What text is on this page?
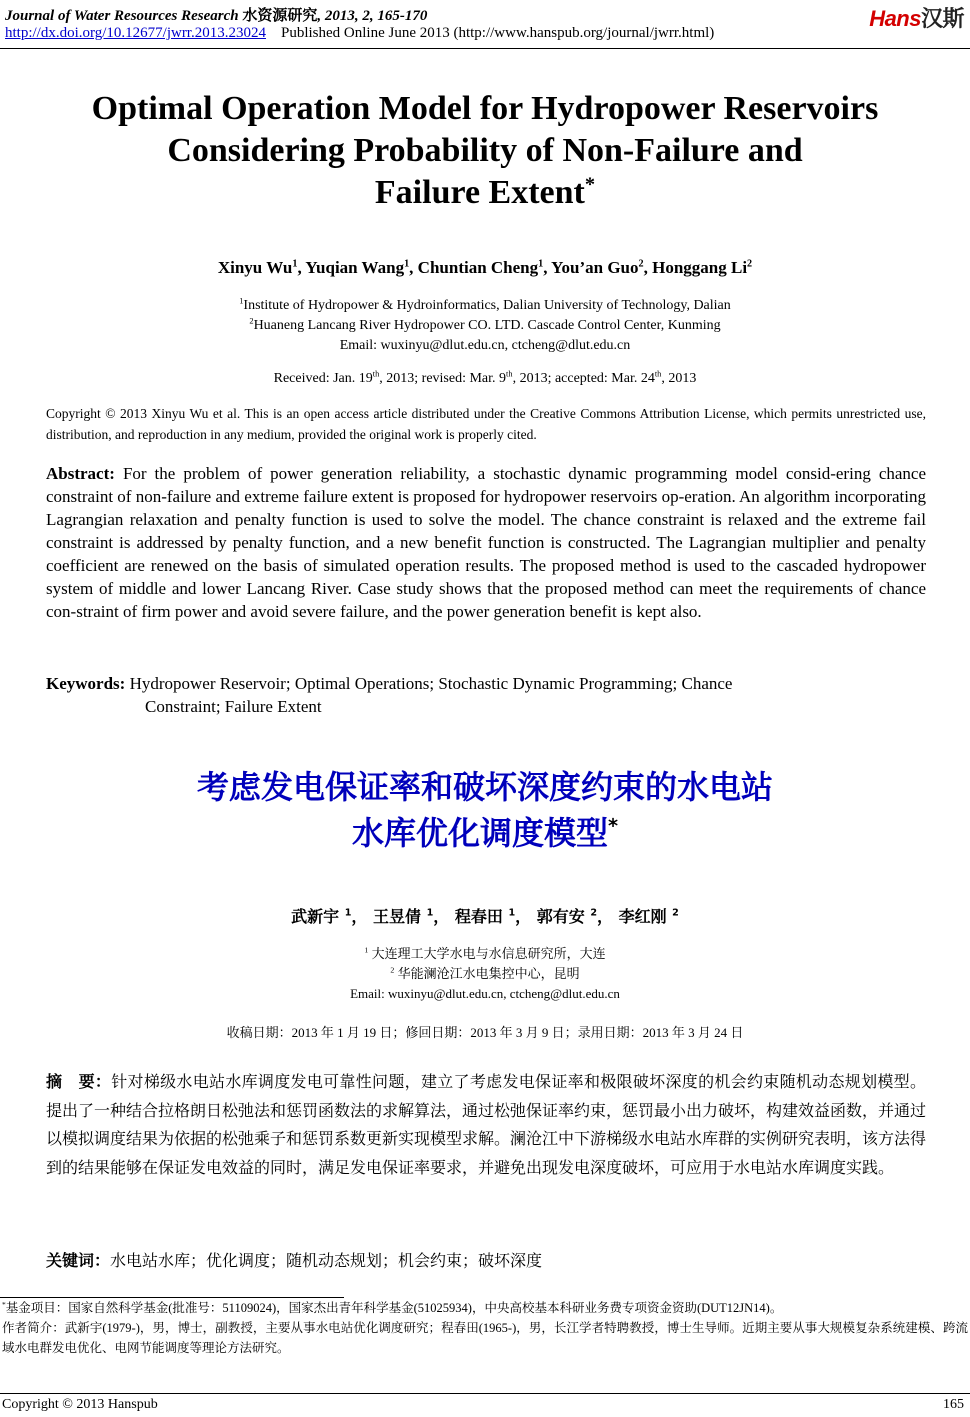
Journal of Water Resources Research 水资源研究, 2013, 2, 165-170
http://dx.doi.org/10.12677/jwrr.2013.23024 Published Online June 2013 (http://www.hanspub.org/journal/jwrr.html)
Hans汉斯
Optimal Operation Model for Hydropower Reservoirs
Considering Probability of Non-Failure and
Failure Extent*
Xinyu Wu$^1$, Yuqian Wang$^1$, Chuntian Cheng$^1$, You’an Guo$^2$, Honggang Li$^2$
$^1$Institute of Hydropower & Hydroinformatics, Dalian University of Technology, Dalian
$^2$Huaneng Lancang River Hydropower CO. LTD. Cascade Control Center, Kunming
Email: wuxinyu@dlut.edu.cn, ctcheng@dlut.edu.cn
Received: Jan. 19th, 2013; revised: Mar. 9th, 2013; accepted: Mar. 24th, 2013
Copyright © 2013 Xinyu Wu et al. This is an open access article distributed under the Creative Commons Attribution License, which permits unrestricted use, distribution, and reproduction in any medium, provided the original work is properly cited.
Abstract: For the problem of power generation reliability, a stochastic dynamic programming model consid-ering chance constraint of non-failure and extreme failure extent is proposed for hydropower reservoirs op-eration. An algorithm incorporating Lagrangian relaxation and penalty function is used to solve the model. The chance constraint is relaxed and the extreme fail constraint is addressed by penalty function, and a new benefit function is constructed. The Lagrangian multiplier and penalty coefficient are renewed on the basis of simulated operation results. The proposed method is used to the cascaded hydropower system of middle and lower Lancang River. Case study shows that the proposed method can meet the requirements of chance con-straint of firm power and avoid severe failure, and the power generation benefit is kept also.
Keywords: Hydropower Reservoir; Optimal Operations; Stochastic Dynamic Programming; Chance
Constraint; Failure Extent
考虑发电保证率和破坏深度约束的水电站
水库优化调度模型*
武新宇 $^1$， 王昱倩 $^1$， 程春田 $^1$， 郭有安 $^2$， 李红刚 $^2$
$^1$ 大连理工大学水电与水信息研究所，大连
$^2$ 华能澜沧江水电集控中心，昆明
Email: wuxinyu@dlut.edu.cn, ctcheng@dlut.edu.cn
收稿日期：2013 年 1 月 19 日；修回日期：2013 年 3 月 9 日；录用日期：2013 年 3 月 24 日
摘　要：针对梯级水电站水库调度发电可靠性问题，建立了考虑发电保证率和极限破坏深度的机会约束随机动态规划模型。提出了一种结合拉格朗日松弛法和惩罚函数法的求解算法，通过松弛保证率约束，惩罚最小出力破坏，构建效益函数，并通过以模拟调度结果为依据的松弛乘子和惩罚系数更新实现模型求解。澜沧江中下游梯级水电站水库群的实例研究表明，该方法得到的结果能够在保证发电效益的同时，满足发电保证率要求，并避免出现发电深度破坏，可应用于水电站水库调度实践。
关键词：水电站水库；优化调度；随机动态规划；机会约束；破坏深度
*基金项目：国家自然科学基金(批准号：51109024)，国家杰出青年科学基金(51025934)，中央高校基本科研业务费专项资金资助(DUT12JN14)。
作者简介：武新宇(1979-)，男，博士，副教授，主要从事水电站优化调度研究；程春田(1965-)，男，长江学者特聘教授，博士生导师。近期主要从事大规模复杂系统建模、跨流域水电群发电优化、电网节能调度等理论方法研究。
Copyright © 2013 Hanspub	165
